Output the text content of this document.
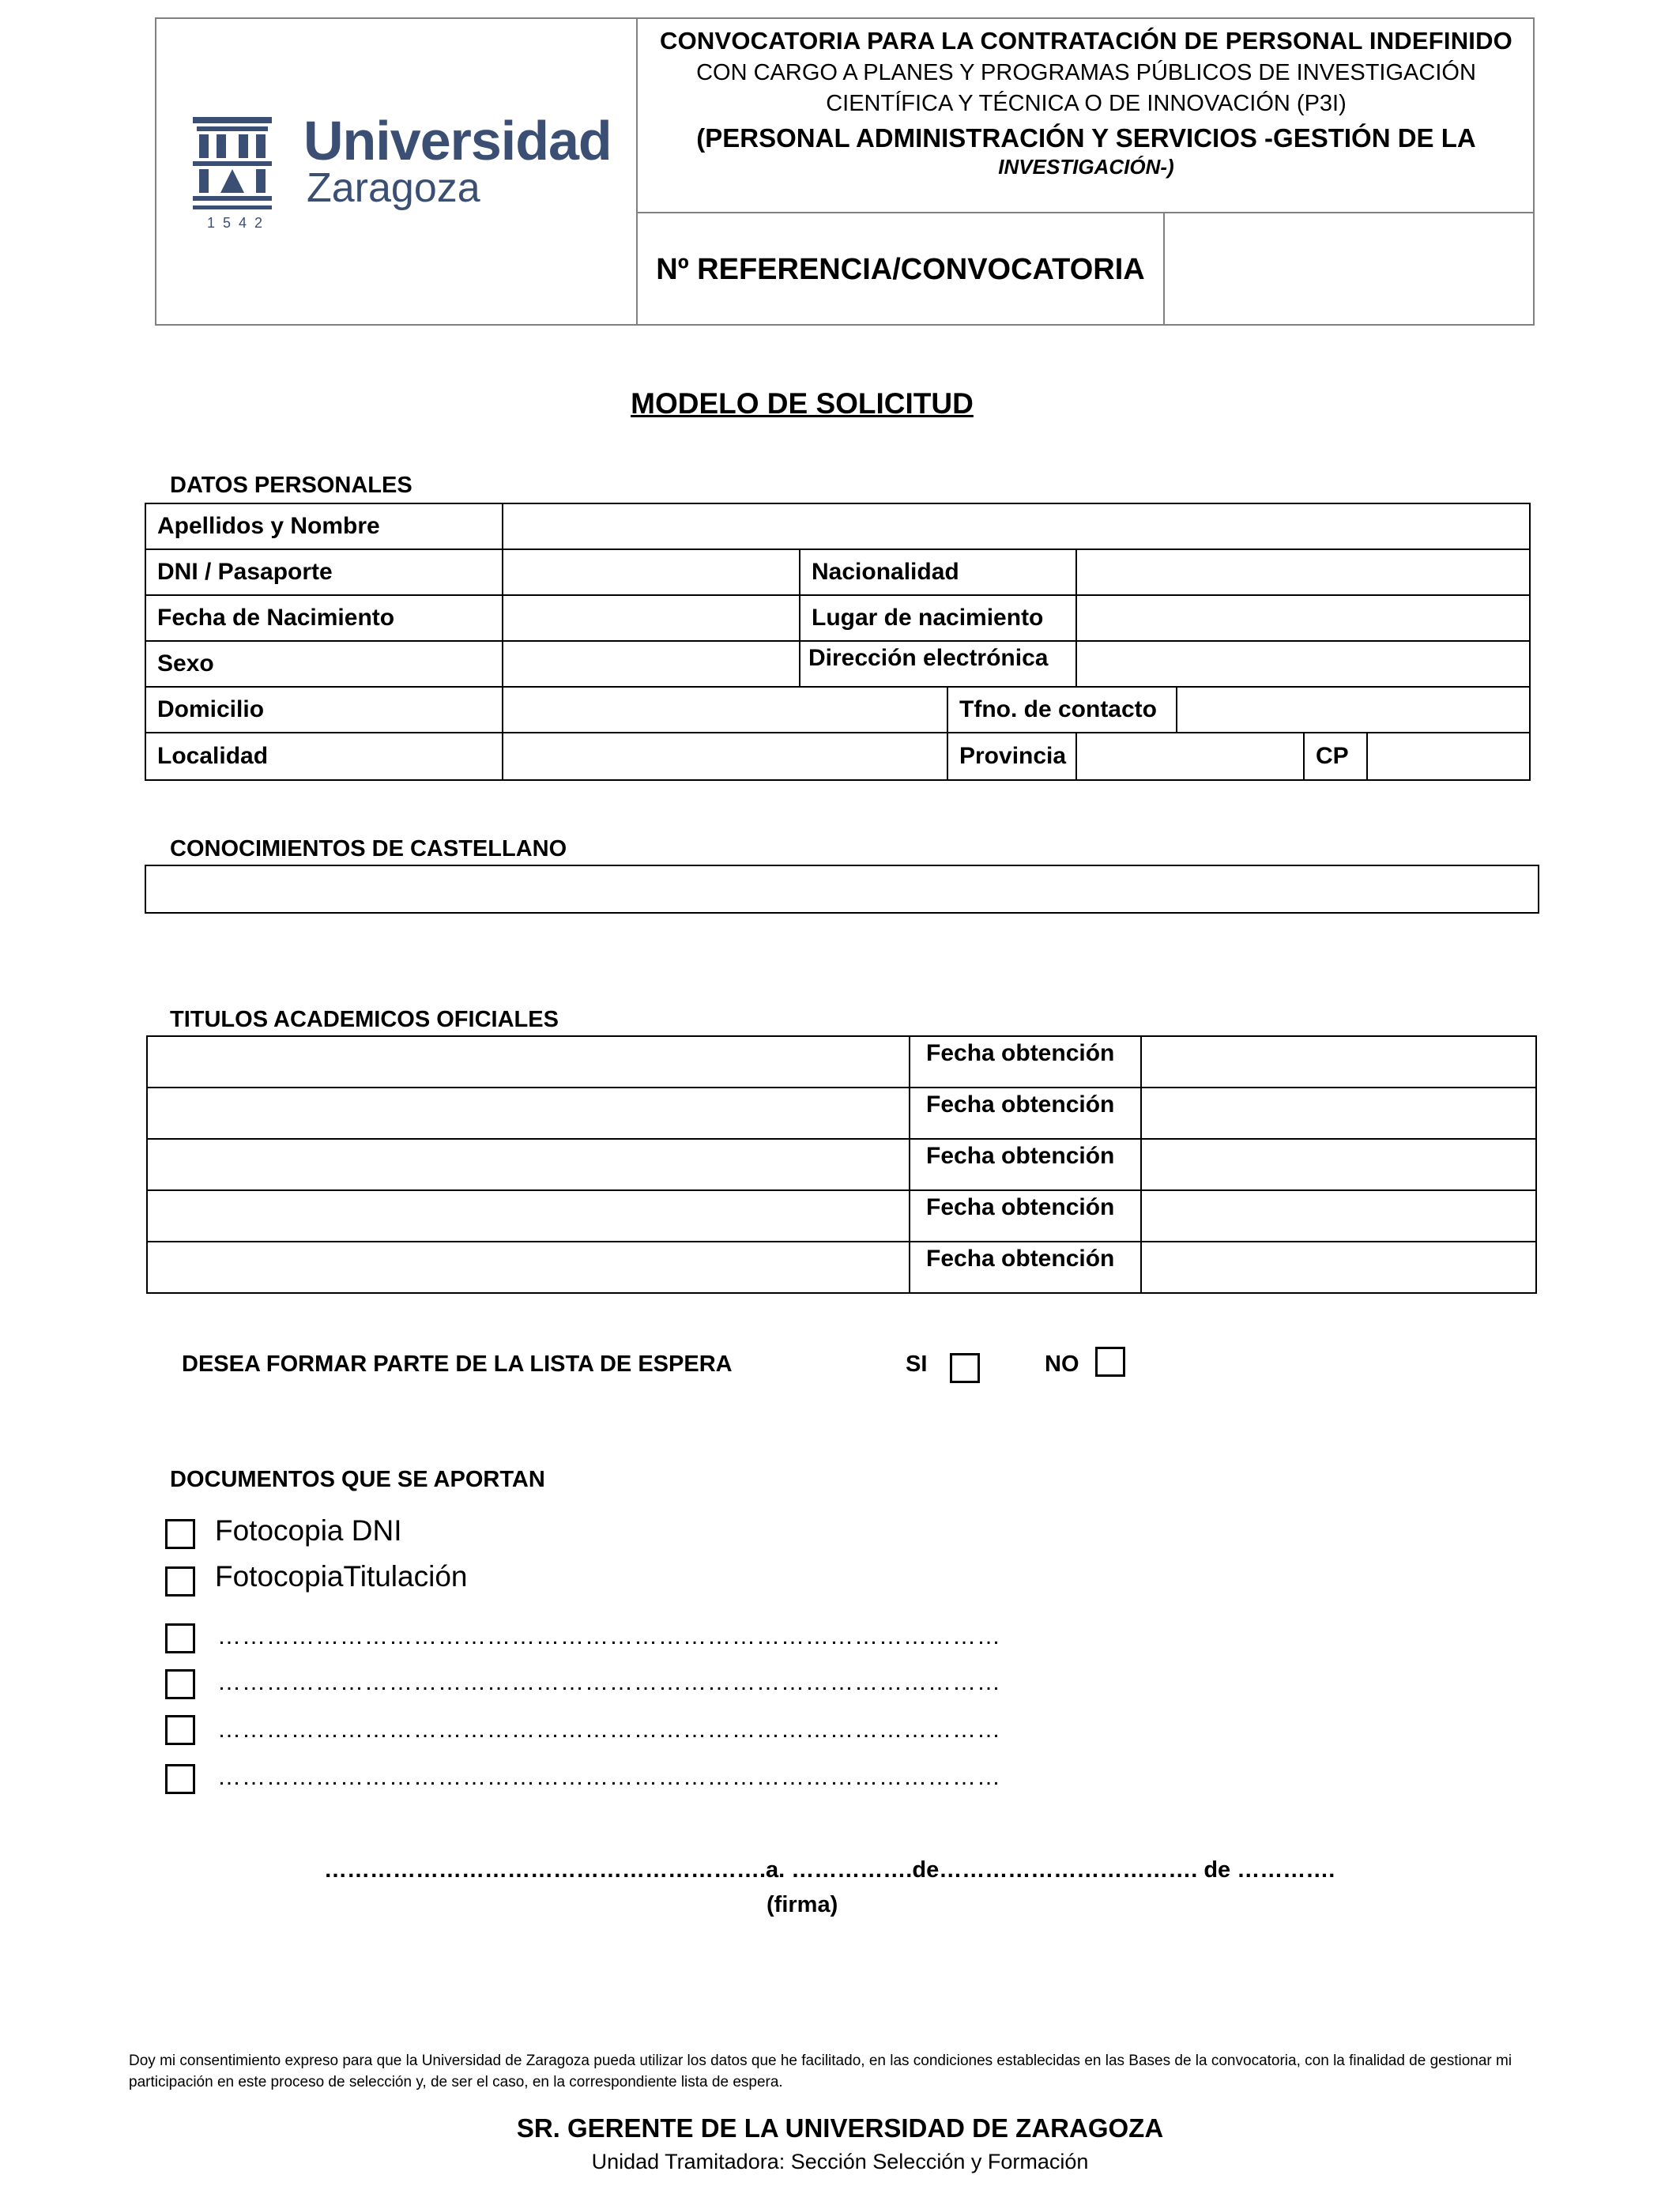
Universidad
Zaragoza
1542
CONVOCATORIA PARA LA CONTRATACIÓN DE PERSONAL INDEFINIDO
CON CARGO A PLANES Y PROGRAMAS PÚBLICOS DE INVESTIGACIÓN
CIENTÍFICA Y TÉCNICA O DE INNOVACIÓN (P3I)
(PERSONAL ADMINISTRACIÓN Y SERVICIOS -GESTIÓN DE LA
INVESTIGACIÓN-)
Nº REFERENCIA/CONVOCATORIA
MODELO DE SOLICITUD
DATOS PERSONALES
Apellidos y Nombre
DNI / Pasaporte	Nacionalidad
Fecha de Nacimiento	Lugar de nacimiento
Sexo	Dirección electrónica
Domicilio	Tfno. de contacto
Localidad	Provincia	CP
CONOCIMIENTOS DE CASTELLANO
TITULOS ACADEMICOS OFICIALES
Fecha obtención
Fecha obtención
Fecha obtención
Fecha obtención
Fecha obtención
DESEA FORMAR PARTE DE LA LISTA DE ESPERA	SI	NO
DOCUMENTOS QUE SE APORTAN
Fotocopia DNI
FotocopiaTitulación
……………………………………………………………………………………
……………………………………………………………………………………
……………………………………………………………………………………
……………………………………………………………………………………
………………………………………………….a. …………….de……………………………. de ………….
(firma)
Doy mi consentimiento expreso para que la Universidad de Zaragoza pueda utilizar los datos que he facilitado, en las condiciones establecidas en las Bases de la convocatoria, con la finalidad de gestionar mi participación en este proceso de selección y, de ser el caso, en la correspondiente lista de espera.
SR. GERENTE DE LA UNIVERSIDAD DE ZARAGOZA
Unidad Tramitadora: Sección Selección y Formación
